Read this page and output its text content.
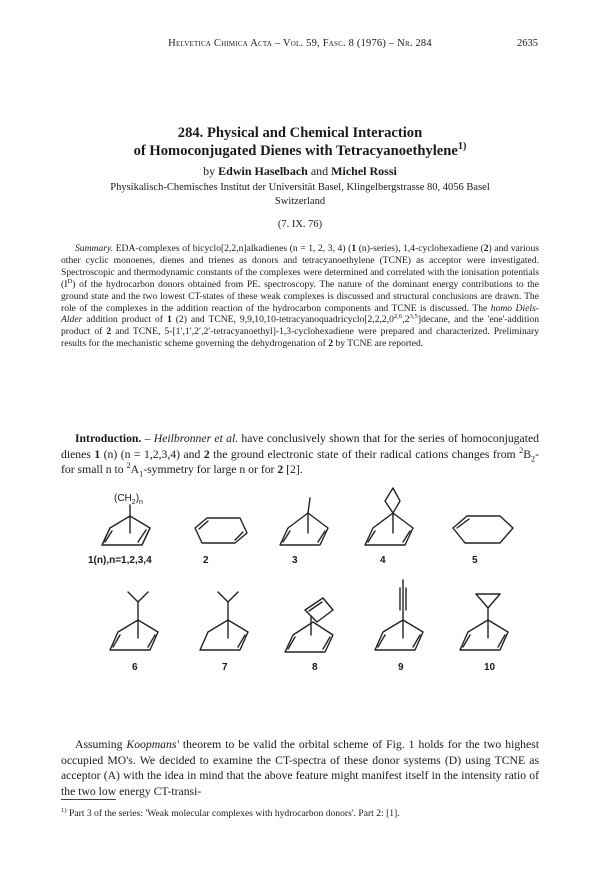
Helvetica Chimica Acta – Vol. 59, Fasc. 8 (1976) – Nr. 284	2635
284. Physical and Chemical Interaction
of Homoconjugated Dienes with Tetracyanoethylene$^{1)}$
by Edwin Haselbach and Michel Rossi
Physikalisch-Chemisches Institut der Universität Basel, Klingelbergstrasse 80, 4056 Basel
Switzerland
(7. IX. 76)

Summary. EDA-complexes of bicyclo[2,2,n]alkadienes (n = 1, 2, 3, 4) (1 (n)-series), 1,4-cyclohexadiene (2) and various other cyclic monoenes, dienes and trienes as donors and tetracyanoethylene (TCNE) as acceptor were investigated. Spectroscopic and thermodynamic constants of the complexes were determined and correlated with the ionisation potentials $(I^D)$ of the hydrocarbon donors obtained from PE. spectroscopy. The nature of the dominant energy contributions to the ground state and the two lowest CT-states of these weak complexes is discussed and structural conclusions are drawn. The role of the complexes in the addition reaction of the hydrocarbon components and TCNE is discussed. The homo Diels-Alder addition product of 1 (2) and TCNE, 9,9,10,10-tetracyanoquadricyclo[2,2,2,0$^{2,6}$,2$^{3,5}$]decane, and the 'ene'-addition product of 2 and TCNE, 5-[1′,1′,2′,2′-tetracyanoethyl]-1,3-cyclohexadiene were prepared and characterized. Preliminary results for the mechanistic scheme governing the dehydrogenation of 2 by TCNE are reported.

Introduction. – Heilbronner et al. have conclusively shown that for the series of homoconjugated dienes 1 (n) (n = 1,2,3,4) and 2 the ground electronic state of their radical cations changes from $^2B_2-$ for small n to $^2A_1$-symmetry for large n or for 2 [2].

$(CH_2)_n$
1(n),n=1,2,3,4	2	3	4	5
6	7	8	9	10

Assuming Koopmans' theorem to be valid the orbital scheme of Fig. 1 holds for the two highest occupied MO's. We decided to examine the CT-spectra of these donor systems (D) using TCNE as acceptor (A) with the idea in mind that the above feature might manifest itself in the intensity ratio of the two low energy CT-transi-

$^{1)}$ Part 3 of the series: 'Weak molecular complexes with hydrocarbon donors'. Part 2: [1].
